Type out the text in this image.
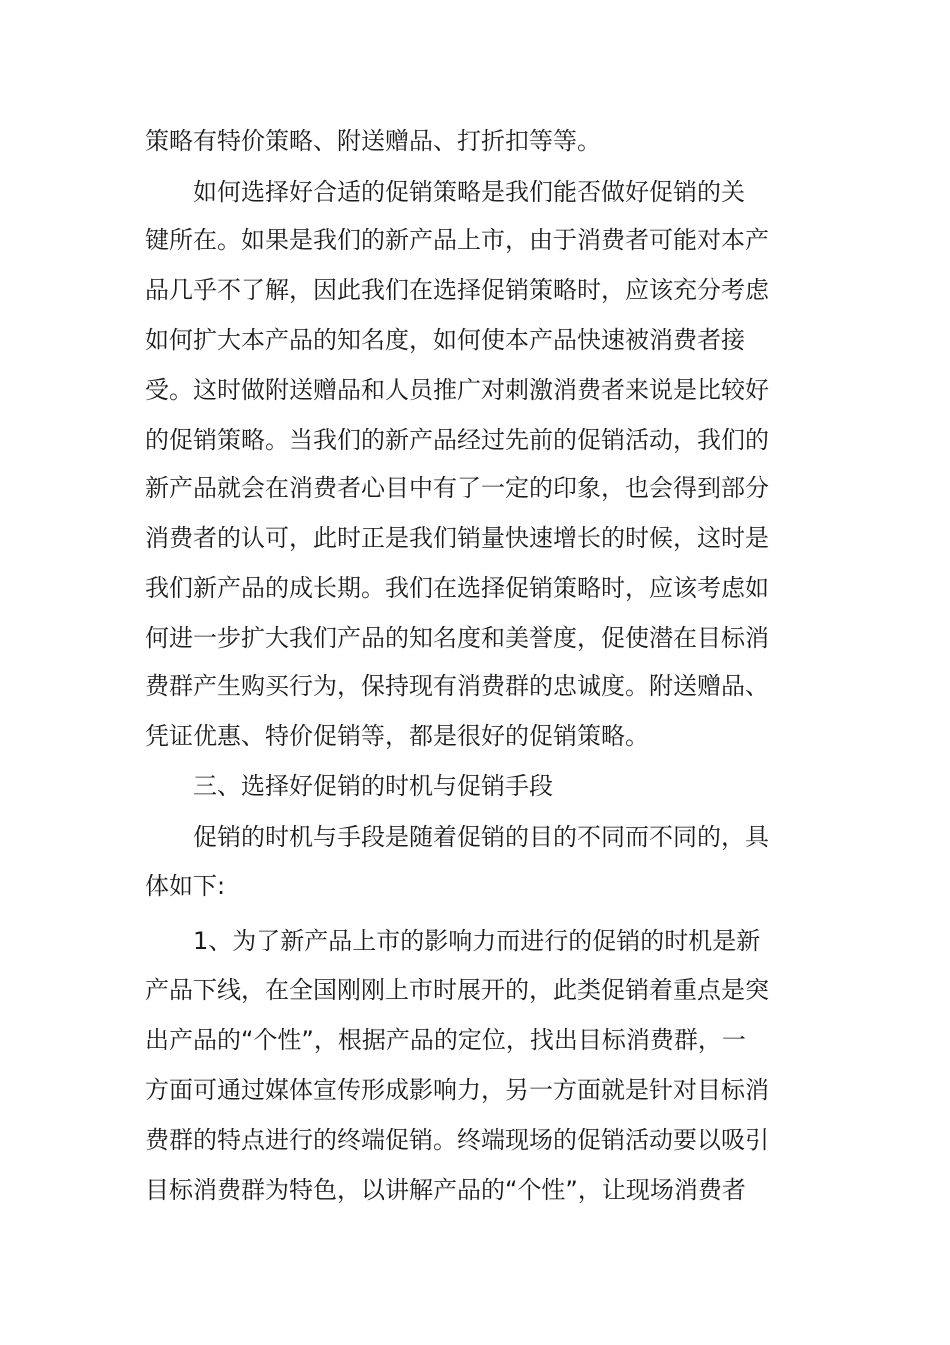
策略有特价策略、附送赠品、打折扣等等。
如何选择好合适的促销策略是我们能否做好促销的关
键所在。如果是我们的新产品上市，由于消费者可能对本产
品几乎不了解，因此我们在选择促销策略时，应该充分考虑
如何扩大本产品的知名度，如何使本产品快速被消费者接
受。这时做附送赠品和人员推广对刺激消费者来说是比较好
的促销策略。当我们的新产品经过先前的促销活动，我们的
新产品就会在消费者心目中有了一定的印象，也会得到部分
消费者的认可，此时正是我们销量快速增长的时候，这时是
我们新产品的成长期。我们在选择促销策略时，应该考虑如
何进一步扩大我们产品的知名度和美誉度，促使潜在目标消
费群产生购买行为，保持现有消费群的忠诚度。附送赠品、
凭证优惠、特价促销等，都是很好的促销策略。
三、选择好促销的时机与促销手段
促销的时机与手段是随着促销的目的不同而不同的，具
体如下:
1、为了新产品上市的影响力而进行的促销的时机是新
产品下线，在全国刚刚上市时展开的，此类促销着重点是突
出产品的“个性”，根据产品的定位，找出目标消费群，一
方面可通过媒体宣传形成影响力，另一方面就是针对目标消
费群的特点进行的终端促销。终端现场的促销活动要以吸引
目标消费群为特色，以讲解产品的“个性”，让现场消费者
